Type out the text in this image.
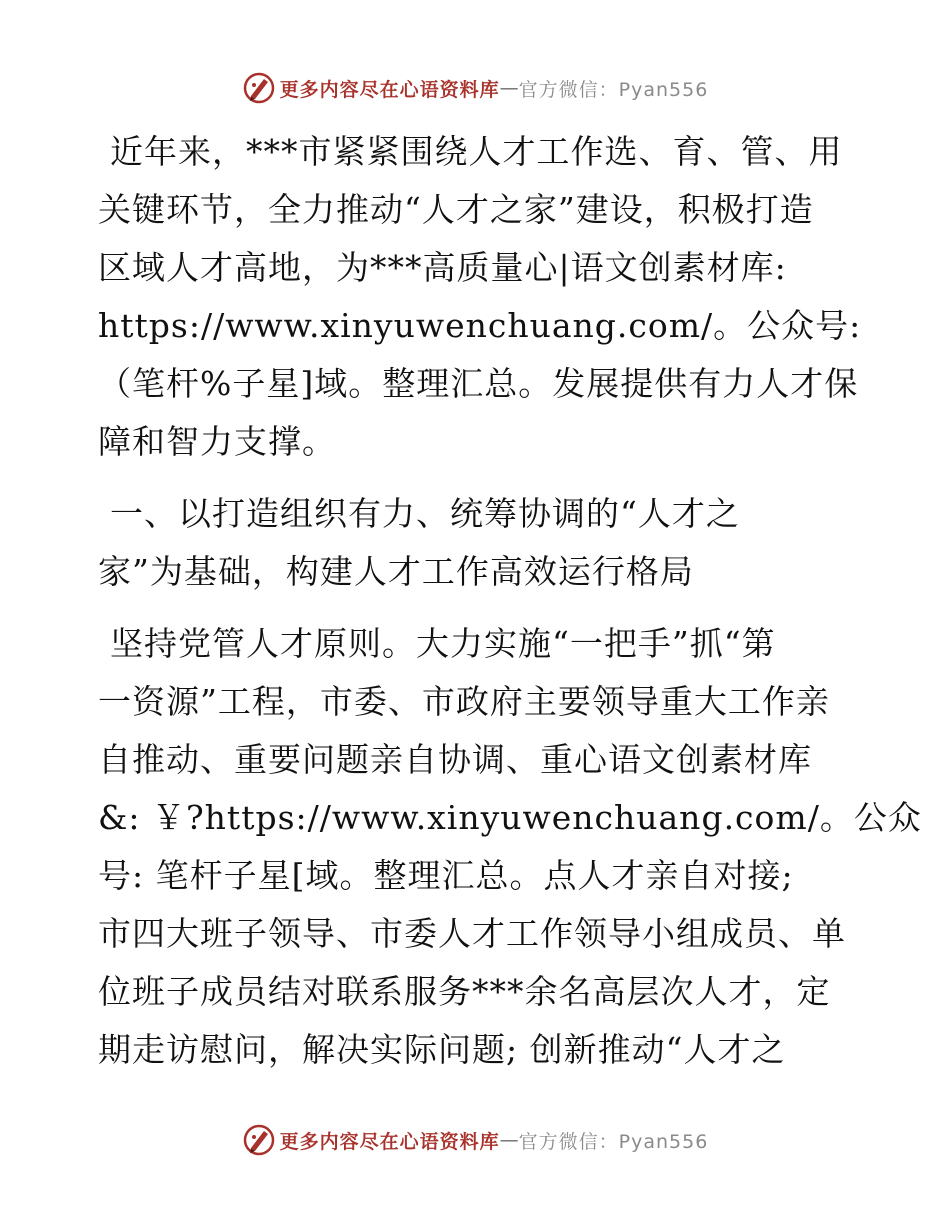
更多内容尽在心语资料库 — 官方微信：Pyan556

近年来，***市紧紧围绕人才工作选、育、管、用
关键环节，全力推动“人才之家”建设，积极打造
区域人才高地，为***高质量心|语文创素材库:
https://www.xinyuwenchuang.com/。公众号:
（笔杆%子星]域。整理汇总。发展提供有力人才保
障和智力支撑。

一、以打造组织有力、统筹协调的“人才之
家”为基础，构建人才工作高效运行格局

坚持党管人才原则。大力实施“一把手”抓“第
一资源”工程，市委、市政府主要领导重大工作亲
自推动、重要问题亲自协调、重心语文创素材库
&: ￥?https://www.xinyuwenchuang.com/。公众
号: 笔杆子星[域。整理汇总。点人才亲自对接;
市四大班子领导、市委人才工作领导小组成员、单
位班子成员结对联系服务***余名高层次人才，定
期走访慰问，解决实际问题; 创新推动“人才之

更多内容尽在心语资料库 — 官方微信：Pyan556
